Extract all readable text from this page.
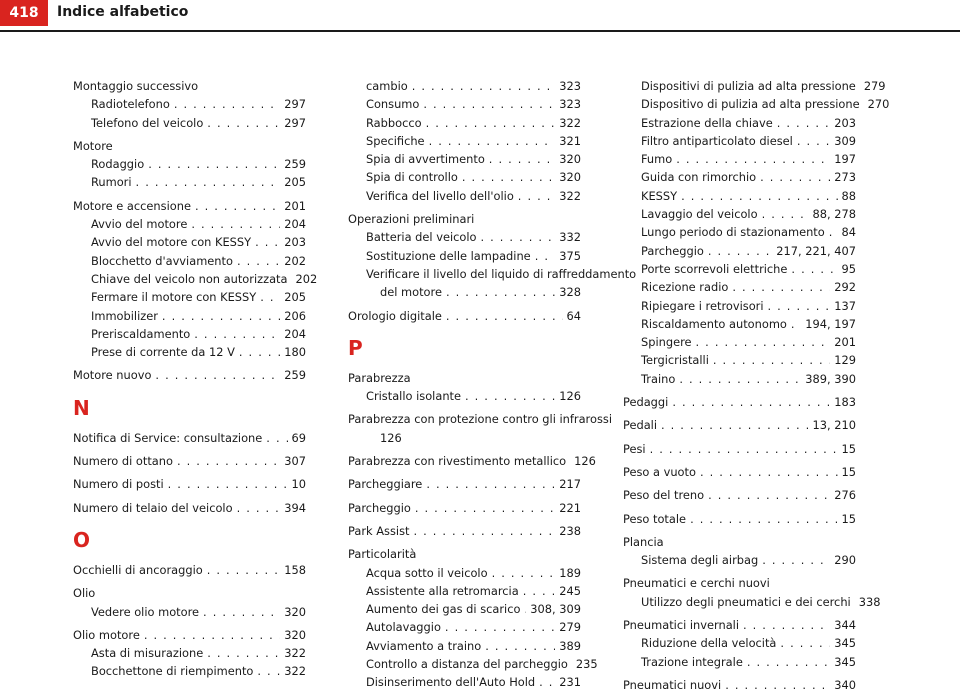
418	Indice alfabetico
Montaggio successivo
Radiotelefono . . .	297
Telefono del veicolo . . .	297
Motore
Rodaggio . . .	259
Rumori . . .	205
Motore e accensione . . .	201
Avvio del motore . . .	204
Avvio del motore con KESSY . . .	203
Blocchetto d'avviamento . . .	202
Chiave del veicolo non autorizzata 202
Fermare il motore con KESSY . . . 205
Immobilizer . . .	206
Preriscaldamento . . .	204
Prese di corrente da 12 V . . .	180
Motore nuovo . . .	259
N
Notifica di Service: consultazione . . .	69
Numero di ottano . . .	307
Numero di posti . . .	10
Numero di telaio del veicolo . . .	394
O
Occhielli di ancoraggio . . .	158
Olio
Vedere olio motore . . .	320
Olio motore . . .	320
Asta di misurazione . . .	322
Bocchettone di riempimento . . .	322
cambio . . .	323
Consumo . . .	323
Rabbocco . . .	322
Specifiche . . .	321
Spia di avvertimento . . .	320
Spia di controllo . . .	320
Verifica del livello dell'olio . . .	322
Operazioni preliminari
Batteria del veicolo . . .	332
Sostituzione delle lampadine . . .	375
Verificare il livello del liquido di raffreddamento
del motore . . .	328
Orologio digitale . . .	64
P
Parabrezza
Cristallo isolante . . .	126
Parabrezza con protezione contro gli infrarossi
126
Parabrezza con rivestimento metallico 126
Parcheggiare . . .	217
Parcheggio . . .	221
Park Assist . . .	238
Particolarità
Acqua sotto il veicolo . . .	189
Assistente alla retromarcia . . .	245
Aumento dei gas di scarico . . . 308, 309
Autolavaggio . . .	279
Avviamento a traino . . .	389
Controllo a distanza del parcheggio 235
Disinserimento dell'Auto Hold . . . 231
Dispositivi di pulizia ad alta pressione 279
Dispositivo di pulizia ad alta pressione 270
Estrazione della chiave . . .	203
Filtro antiparticolato diesel . . .	309
Fumo . . .	197
Guida con rimorchio . . .	273
KESSY . . .	88
Lavaggio del veicolo . . .	88, 278
Lungo periodo di stazionamento . . . 84
Parcheggio . . .	217, 221, 407
Porte scorrevoli elettriche . . .	95
Ricezione radio . . .	292
Ripiegare i retrovisori . . .	137
Riscaldamento autonomo . . . 194, 197
Spingere . . .	201
Tergicristalli . . .	129
Traino . . .	389, 390
Pedaggi . . .	183
Pedali . . .	13, 210
Pesi . . .	15
Peso a vuoto . . .	15
Peso del treno . . .	276
Peso totale . . .	15
Plancia
Sistema degli airbag . . .	290
Pneumatici e cerchi nuovi
Utilizzo degli pneumatici e dei cerchi 338
Pneumatici invernali . . .	344
Riduzione della velocità . . .	345
Trazione integrale . . .	345
Pneumatici nuovi . . .	340
